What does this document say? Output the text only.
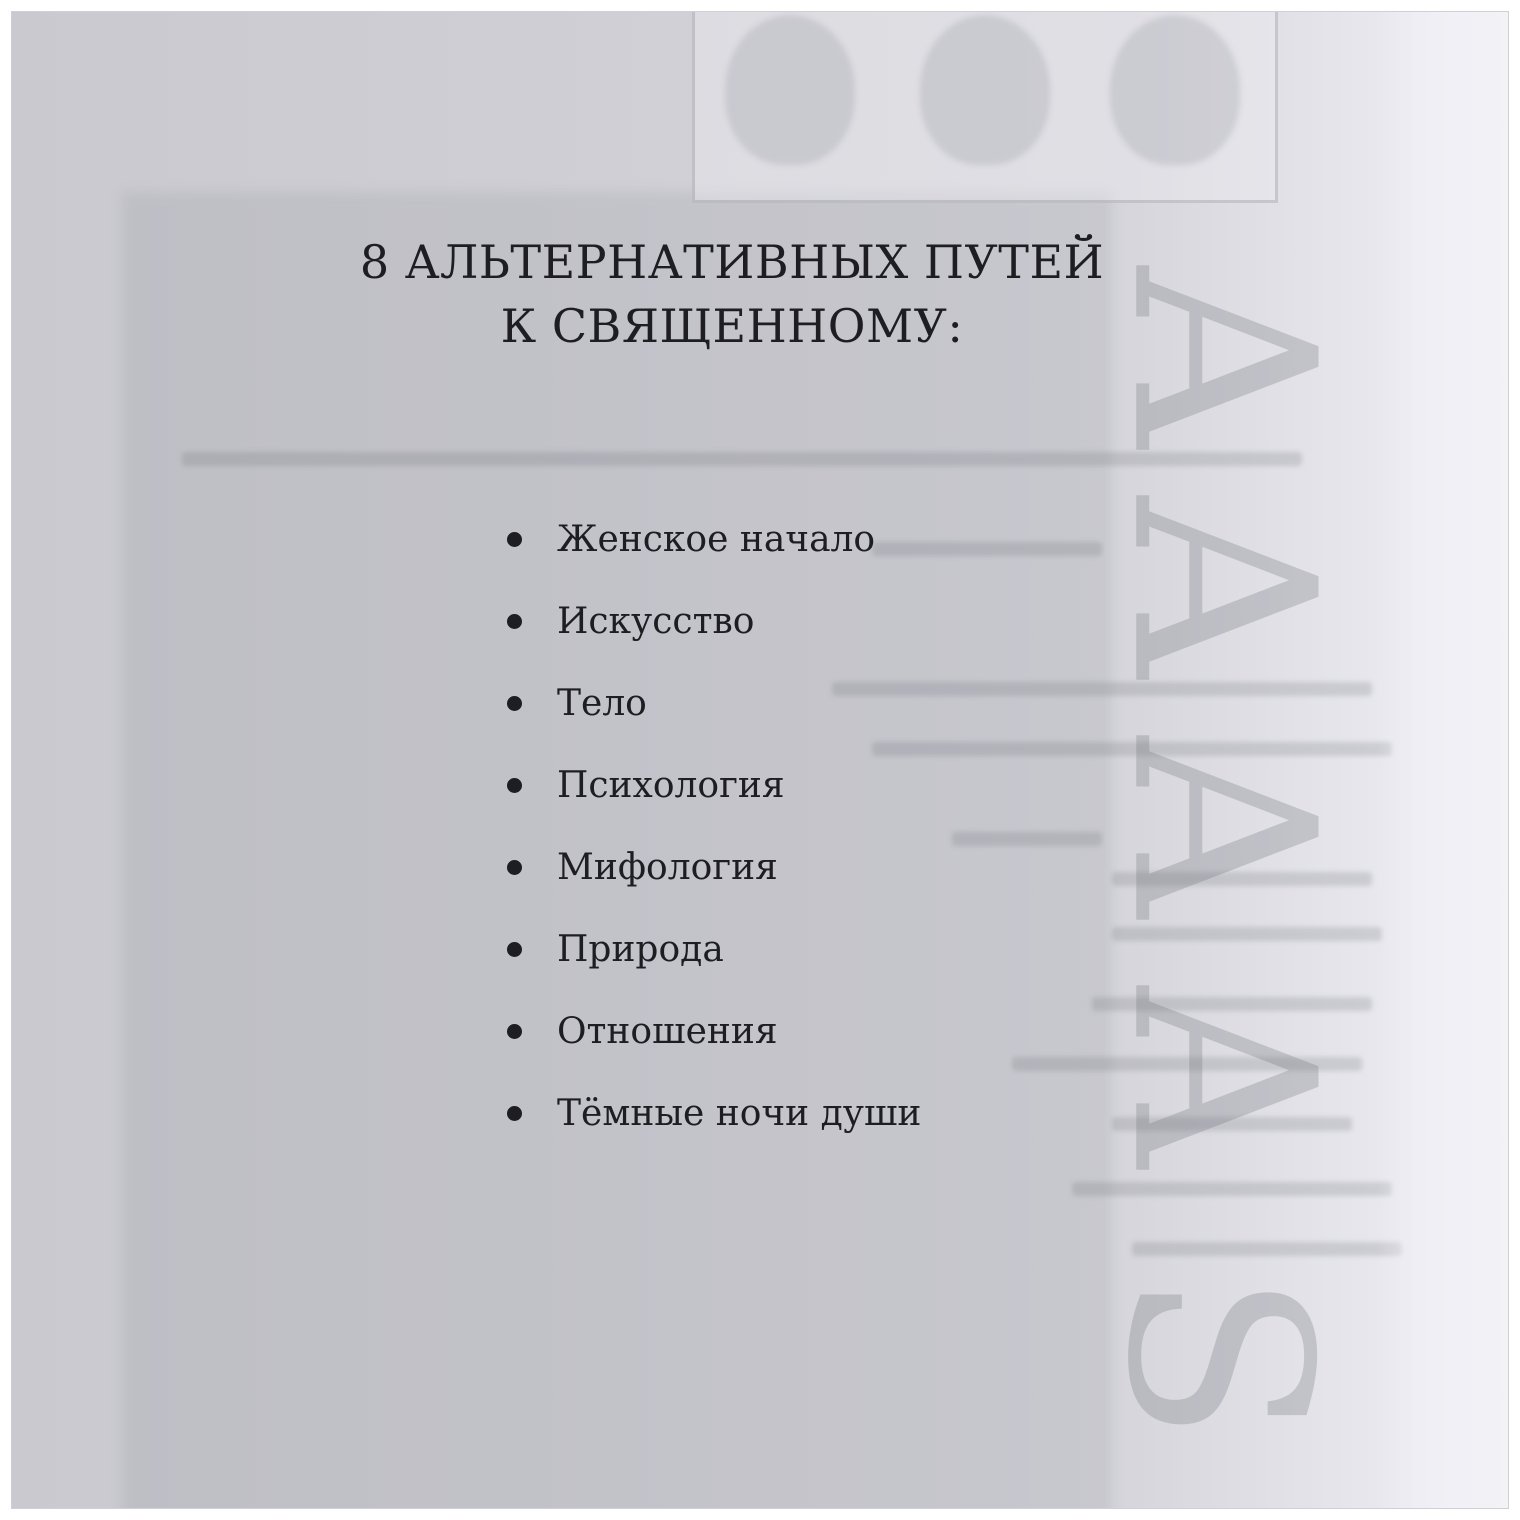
A
A
A
A
S
8 АЛЬТЕРНАТИВНЫХ ПУТЕЙ
К СВЯЩЕННОМУ:
Женское начало
Искусство
Тело
Психология
Мифология
Природа
Отношения
Тёмные ночи души
